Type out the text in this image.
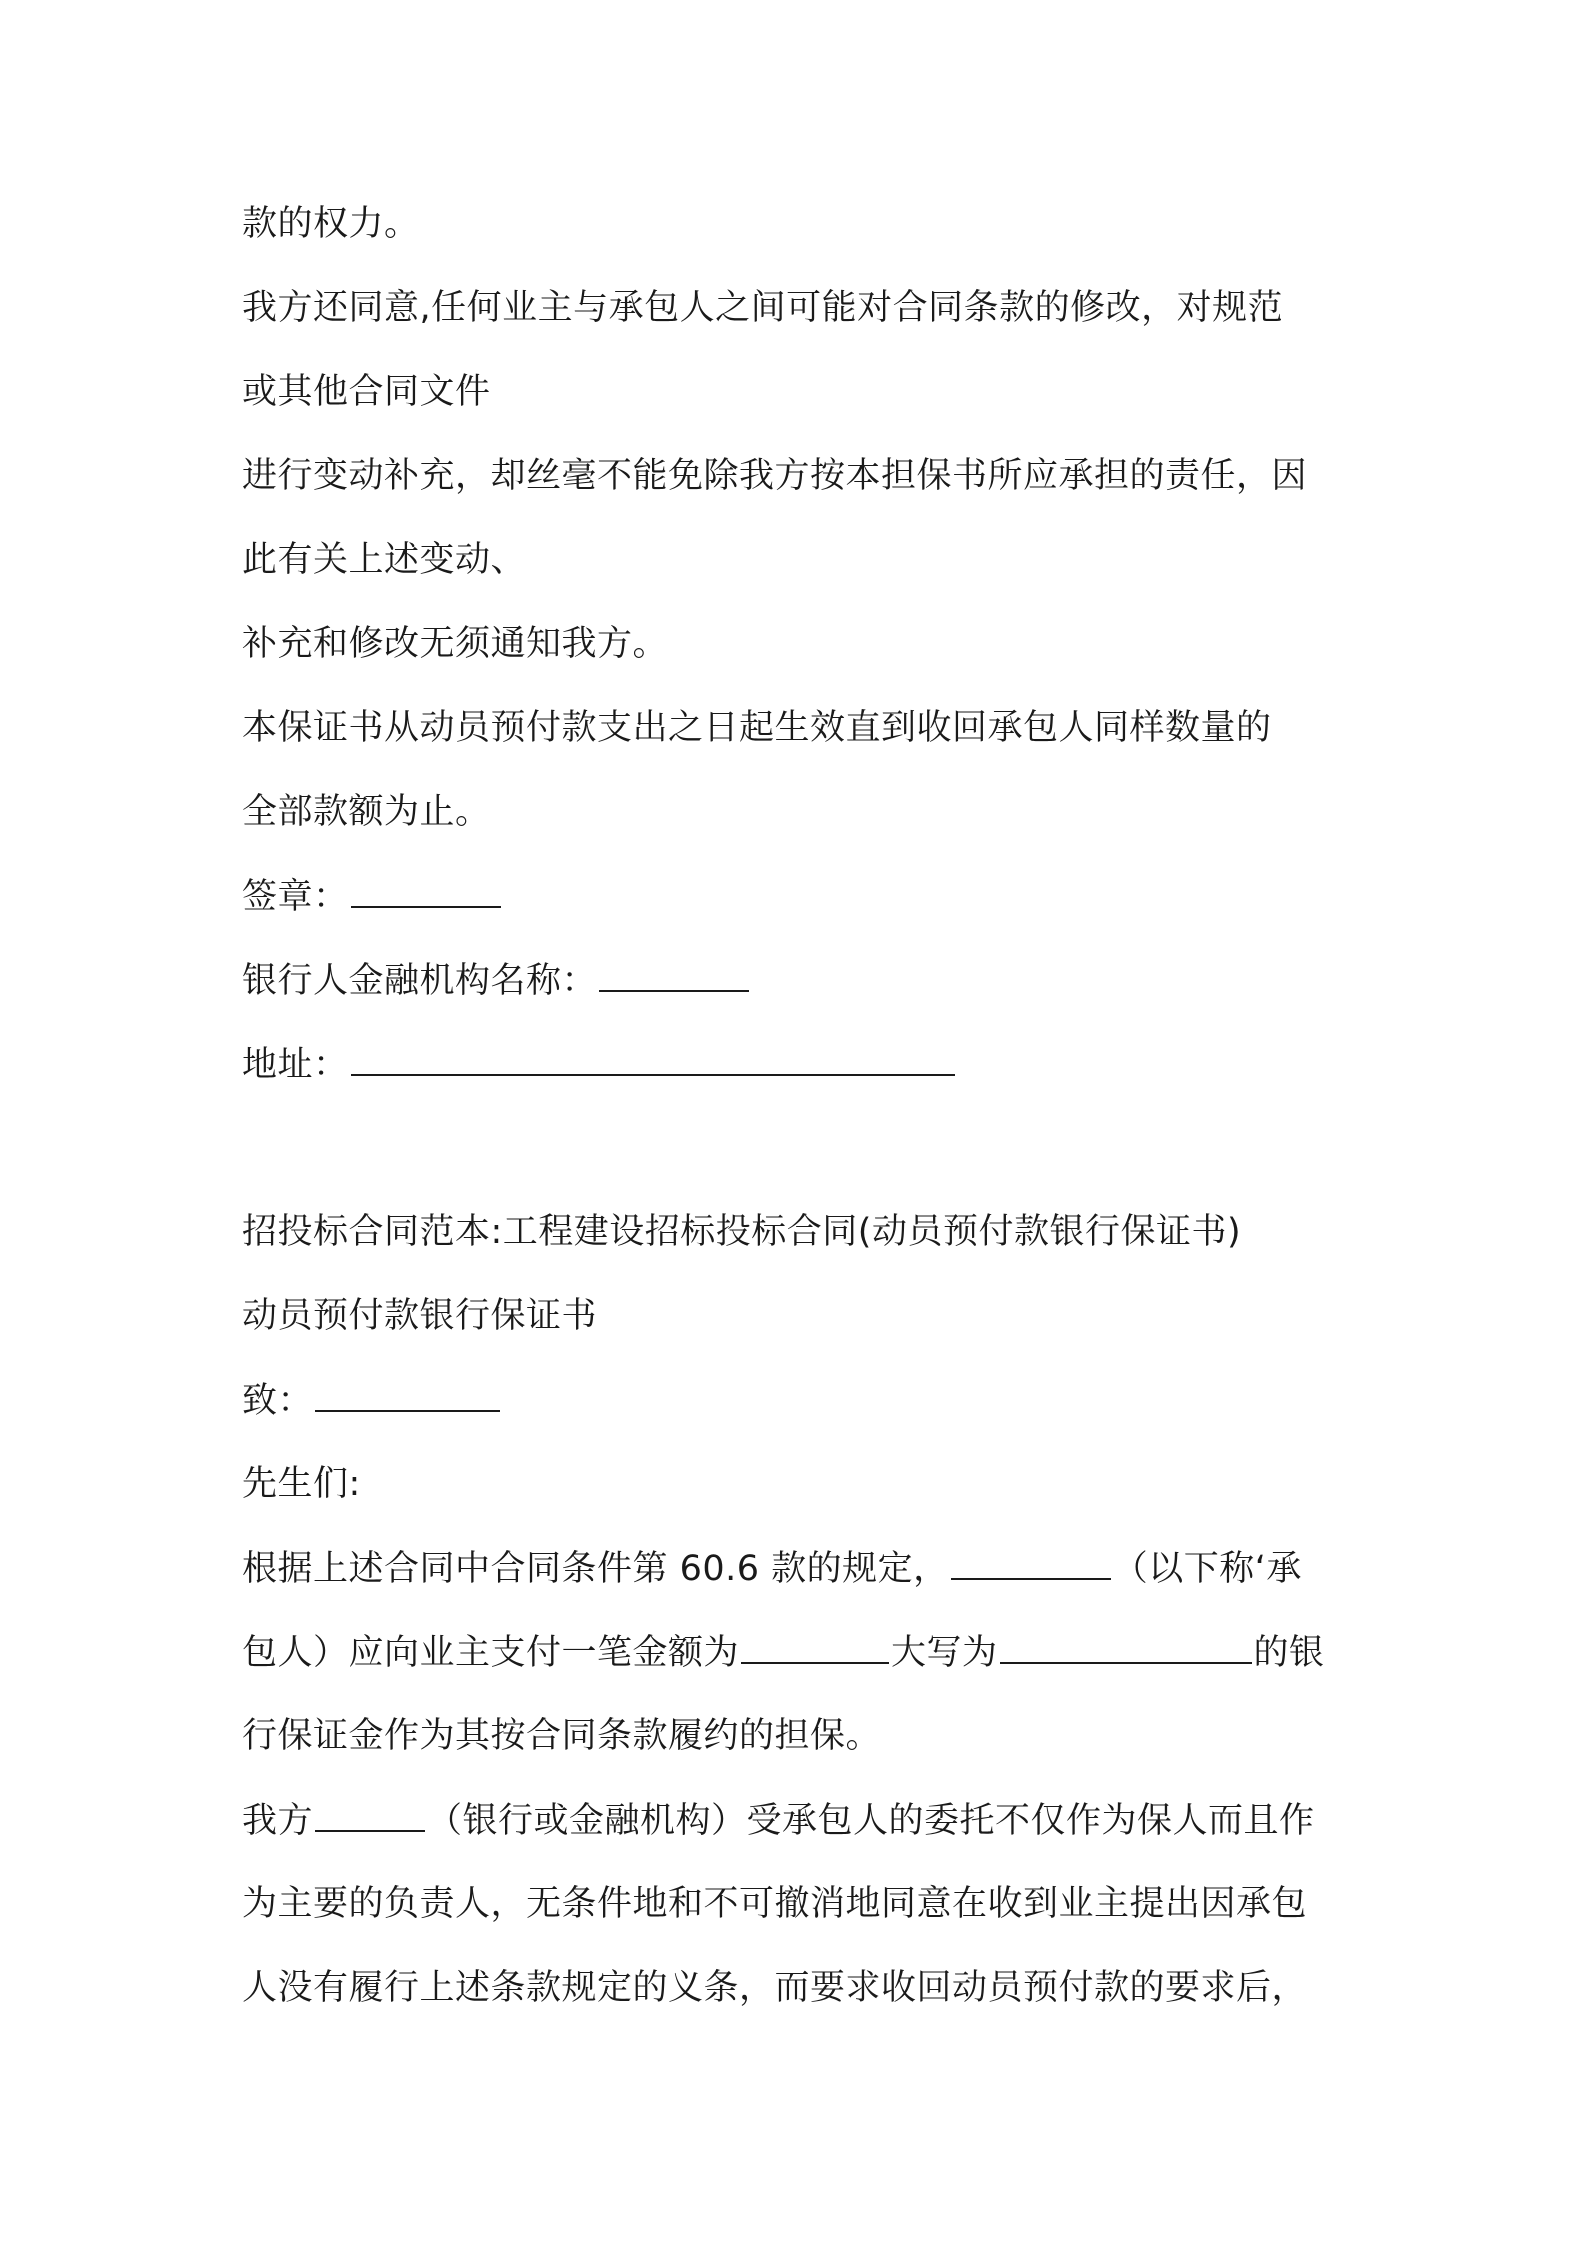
款的权力。
我方还同意,任何业主与承包人之间可能对合同条款的修改，对规范
或其他合同文件
进行变动补充，却丝毫不能免除我方按本担保书所应承担的责任，因
此有关上述变动、
补充和修改无须通知我方。
本保证书从动员预付款支出之日起生效直到收回承包人同样数量的
全部款额为止。
签章：
银行人金融机构名称：
地址：
招投标合同范本:工程建设招标投标合同(动员预付款银行保证书)
动员预付款银行保证书
致：
先生们:
根据上述合同中合同条件第 60.6 款的规定，	（以下称‘承
包人）应向业主支付一笔金额为	大写为	的银
行保证金作为其按合同条款履约的担保。
我方	（银行或金融机构）受承包人的委托不仅作为保人而且作
为主要的负责人，无条件地和不可撤消地同意在收到业主提出因承包
人没有履行上述条款规定的义条，而要求收回动员预付款的要求后，
